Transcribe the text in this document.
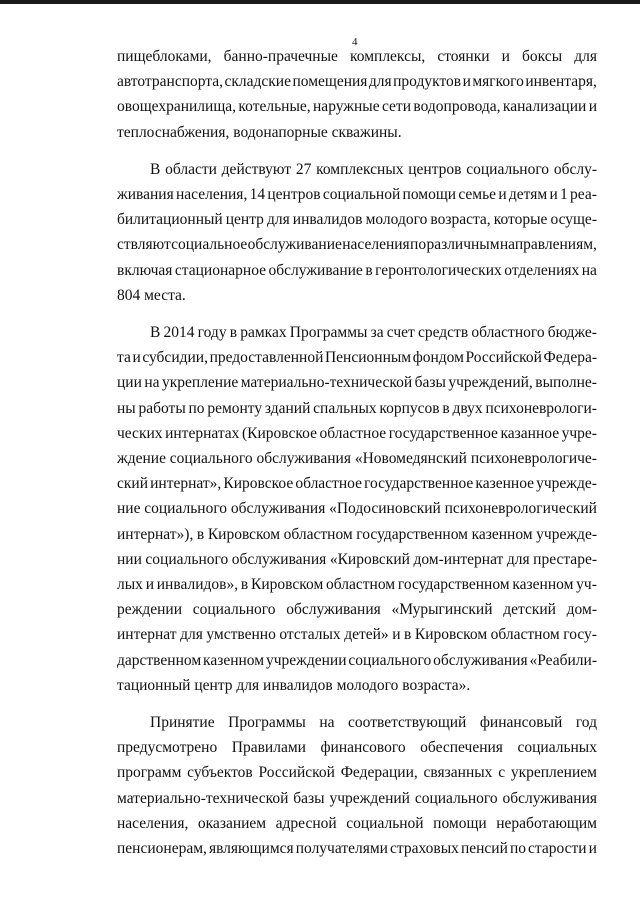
4
пищеблоками, банно-прачечные комплексы, стоянки и боксы для
автотранспорта, складские помещения для продуктов и мягкого инвентаря,
овощехранилища, котельные, наружные сети водопровода, канализации и
теплоснабжения, водонапорные скважины.
В области действуют 27 комплексных центров социального обслу-
живания населения, 14 центров социальной помощи семье и детям и 1 реа-
билитационный центр для инвалидов молодого возраста, которые осуще-
ствляют социальное обслуживание населения по различным направлениям,
включая стационарное обслуживание в геронтологических отделениях на
804 места.
В 2014 году в рамках Программы за счет средств областного бюдже-
та и субсидии, предоставленной Пенсионным фондом Российской Федера-
ции на укрепление материально-технической базы учреждений, выполне-
ны работы по ремонту зданий спальных корпусов в двух психоневрологи-
ческих интернатах (Кировское областное государственное казанное учре-
ждение социального обслуживания «Новомедянский психоневрологиче-
ский интернат», Кировское областное государственное казенное учрежде-
ние социального обслуживания «Подосиновский психоневрологический
интернат»), в Кировском областном государственном казенном учрежде-
нии социального обслуживания «Кировский дом-интернат для престаре-
лых и инвалидов», в Кировском областном государственном казенном уч-
реждении социального обслуживания «Мурыгинский детский дом-
интернат для умственно отсталых детей» и в Кировском областном госу-
дарственном казенном учреждении социального обслуживания «Реабили-
тационный центр для инвалидов молодого возраста».
Принятие Программы на соответствующий финансовый год
предусмотрено Правилами финансового обеспечения социальных
программ субъектов Российской Федерации, связанных с укреплением
материально-технической базы учреждений социального обслуживания
населения, оказанием адресной социальной помощи неработающим
пенсионерам, являющимся получателями страховых пенсий по старости и
